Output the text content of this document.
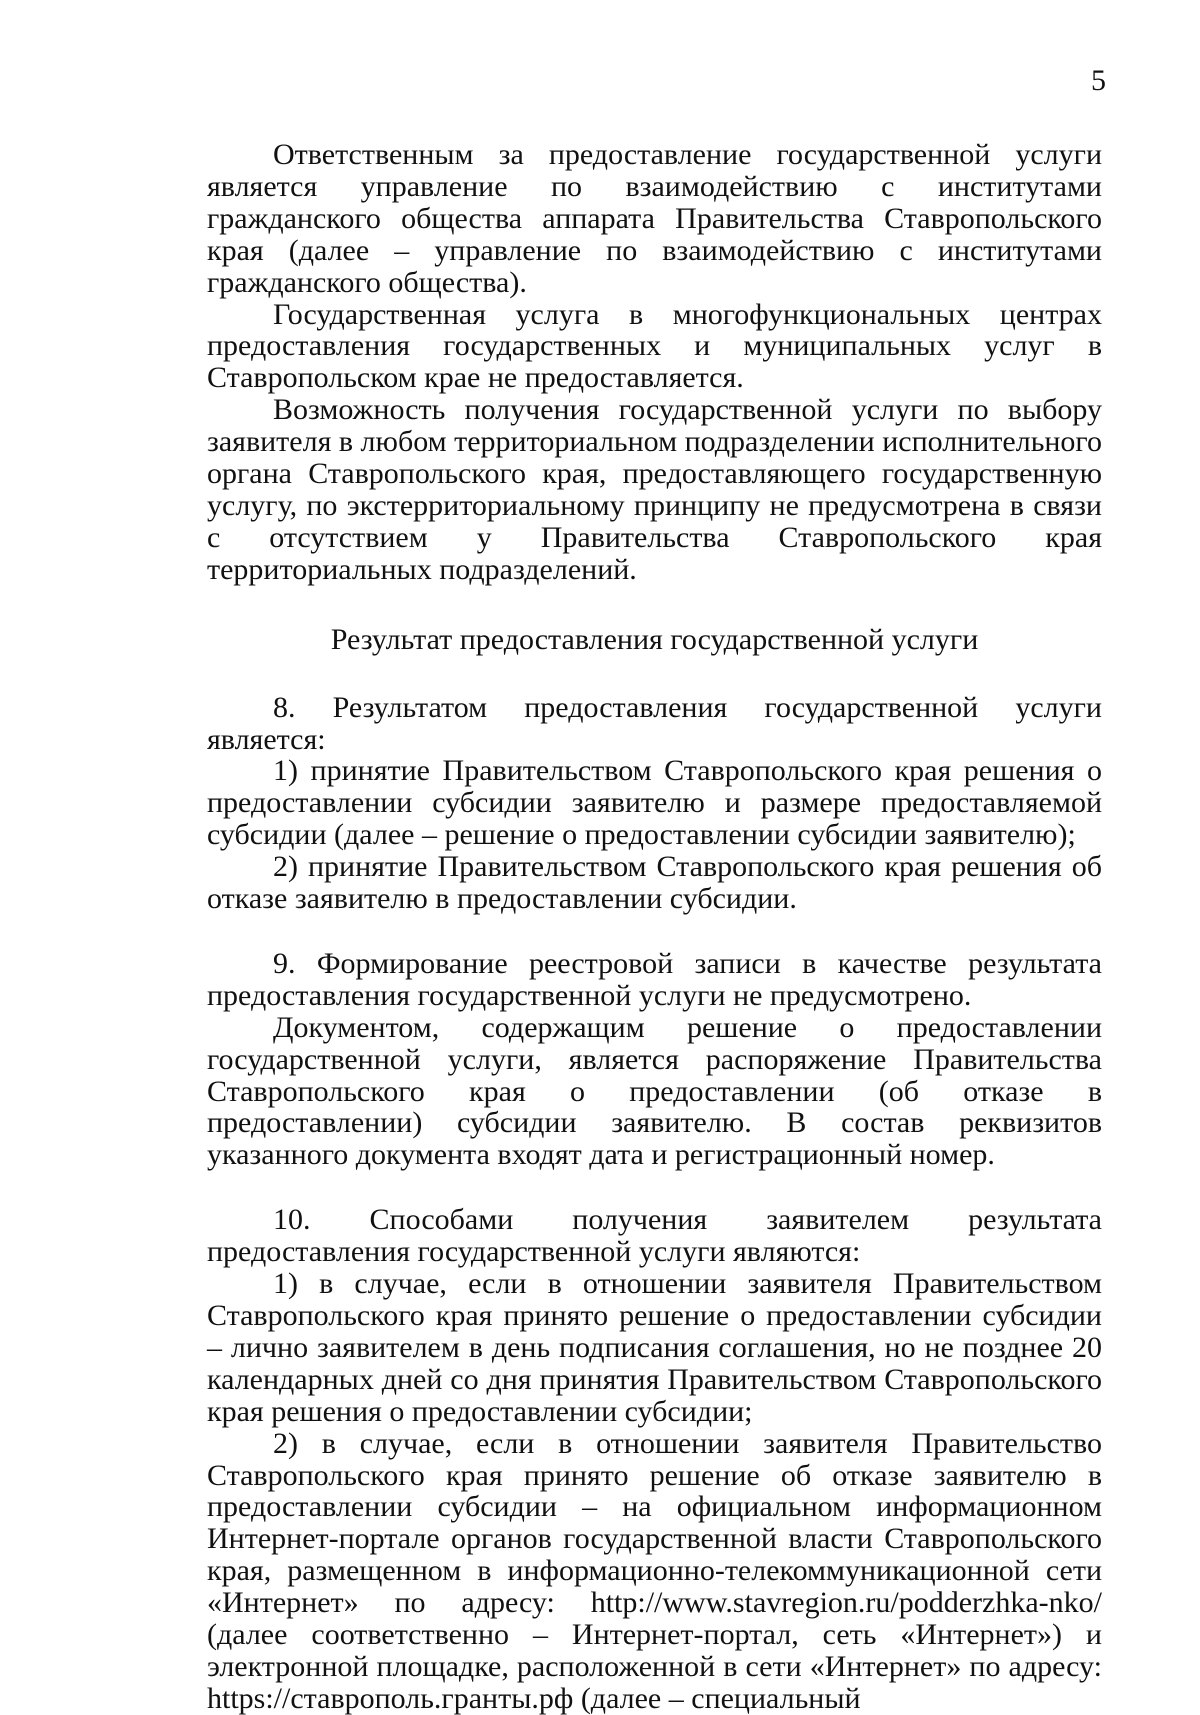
5

Ответственным за предоставление государственной услуги является управление по взаимодействию с институтами гражданского общества аппарата Правительства Ставропольского края (далее – управление по взаимодействию с институтами гражданского общества).

Государственная услуга в многофункциональных центрах предоставления государственных и муниципальных услуг в Ставропольском крае не предоставляется.

Возможность получения государственной услуги по выбору заявителя в любом территориальном подразделении исполнительного органа Ставропольского края, предоставляющего государственную услугу, по экстерриториальному принципу не предусмотрена в связи с отсутствием у Правительства Ставропольского края территориальных подразделений.

Результат предоставления государственной услуги

8. Результатом предоставления государственной услуги является:

1) принятие Правительством Ставропольского края решения о предоставлении субсидии заявителю и размере предоставляемой субсидии (далее – решение о предоставлении субсидии заявителю);

2) принятие Правительством Ставропольского края решения об отказе заявителю в предоставлении субсидии.

9. Формирование реестровой записи в качестве результата предоставления государственной услуги не предусмотрено.

Документом, содержащим решение о предоставлении государственной услуги, является распоряжение Правительства Ставропольского края о предоставлении (об отказе в предоставлении) субсидии заявителю. В состав реквизитов указанного документа входят дата и регистрационный номер.

10. Способами получения заявителем результата предоставления государственной услуги являются:

1) в случае, если в отношении заявителя Правительством Ставропольского края принято решение о предоставлении субсидии – лично заявителем в день подписания соглашения, но не позднее 20 календарных дней со дня принятия Правительством Ставропольского края решения о предоставлении субсидии;

2) в случае, если в отношении заявителя Правительство Ставропольского края принято решение об отказе заявителю в предоставлении субсидии – на официальном информационном Интернет-портале органов государственной власти Ставропольского края, размещенном в информационно-телекоммуникационной сети «Интернет» по адресу: http://www.stavregion.ru/podderzhka-nko/ (далее соответственно – Интернет-портал, сеть «Интернет») и электронной площадке, расположенной в сети «Интернет» по адресу: https://ставрополь.гранты.рф (далее – специальный
